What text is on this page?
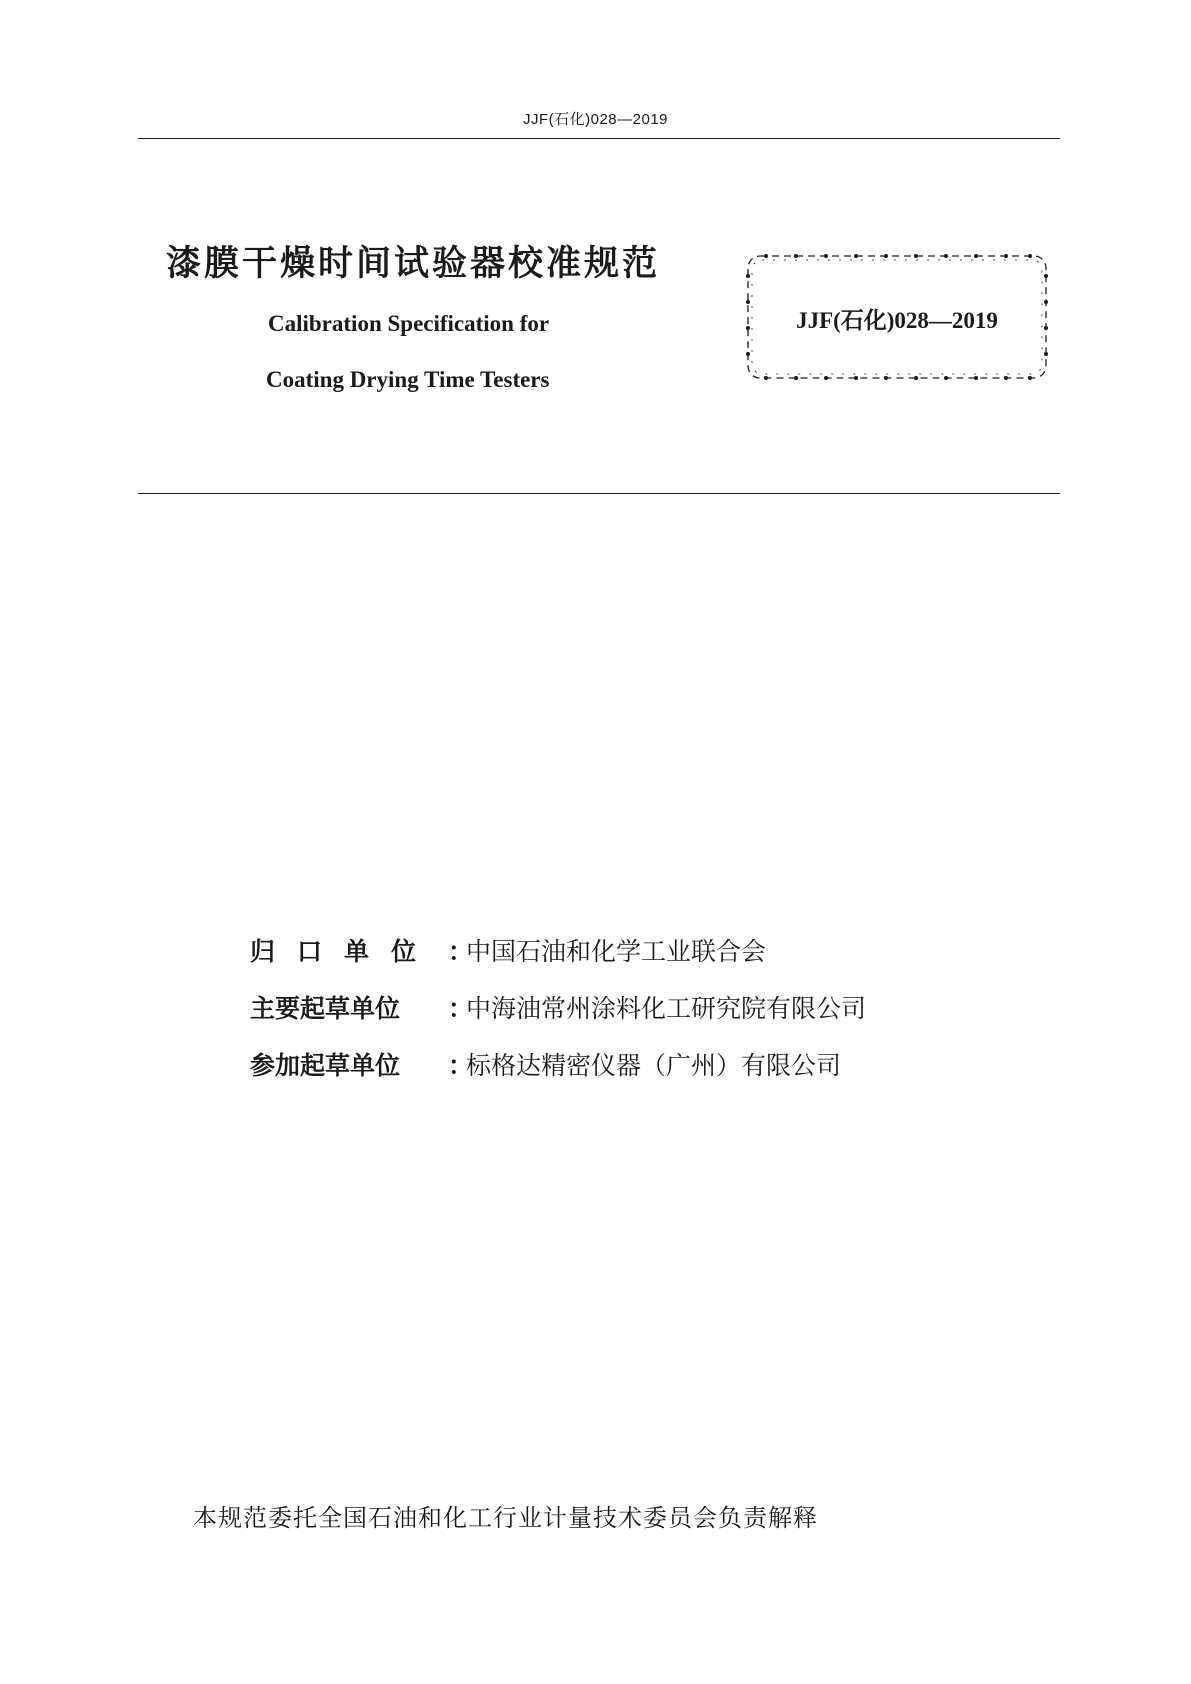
JJF(石化)028—2019
漆膜干燥时间试验器校准规范
Calibration Specification for
Coating Drying Time Testers
JJF(石化)028—2019
归口单位 ：
中国石油和化学工业联合会
主要起草单位	：
中海油常州涂料化工研究院有限公司
参加起草单位	：
标格达精密仪器（广州）有限公司
本规范委托全国石油和化工行业计量技术委员会负责解释
